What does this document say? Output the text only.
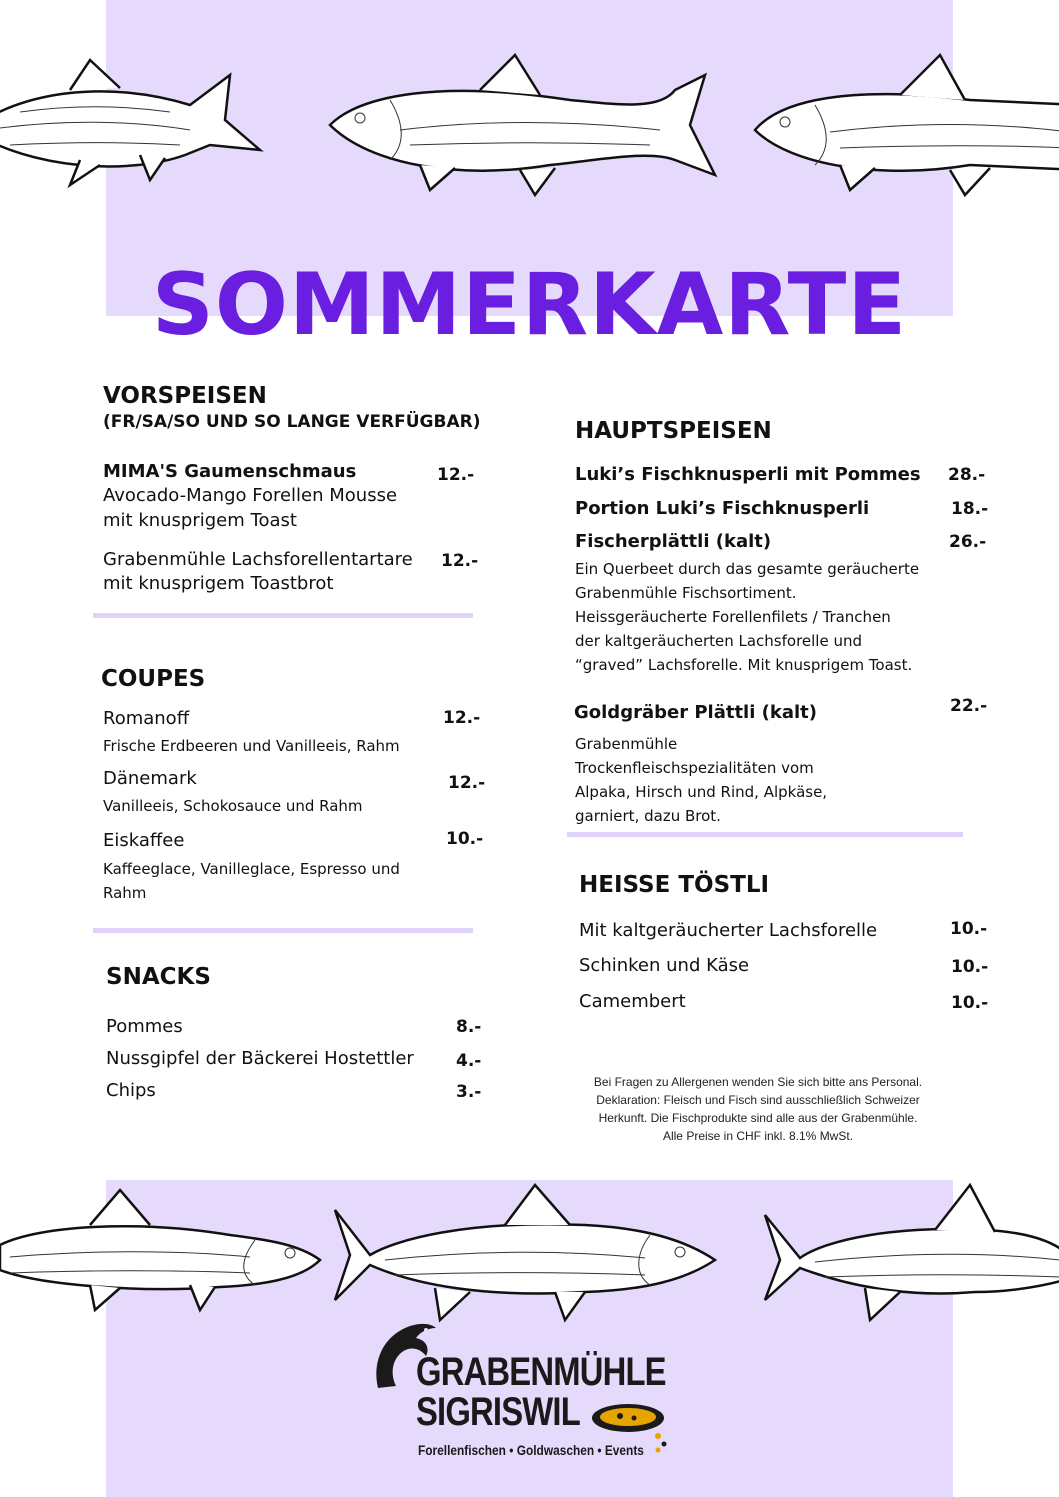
SOMMERKARTE
VORSPEISEN
(FR/SA/SO UND SO LANGE VERFÜGBAR)
MIMA'S Gaumenschmaus
Avocado-Mango Forellen Mousse
mit knusprigem Toast
12.-
Grabenmühle Lachsforellentartare
mit knusprigem Toastbrot
12.-
COUPES
Romanoff
Frische Erdbeeren und Vanilleeis, Rahm
12.-
Dänemark
Vanilleeis, Schokosauce und Rahm
12.-
Eiskaffee
Kaffeeglace, Vanilleglace, Espresso und Rahm
10.-
SNACKS
Pommes	8.-
Nussgipfel der Bäckerei Hostettler 4.-
Chips	3.-
HAUPTSPEISEN
Luki’s Fischknusperli mit Pommes 28.-
Portion Luki’s Fischknusperli	18.-
Fischerplättli (kalt)	26.-
Ein Querbeet durch das gesamte geräucherte Grabenmühle Fischsortiment. Heissgeräucherte Forellenfilets / Tranchen der kaltgeräucherten Lachsforelle und “graved” Lachsforelle. Mit knusprigem Toast.
Goldgräber Plättli (kalt)	22.-
Grabenmühle Trockenfleischspezialitäten vom Alpaka, Hirsch und Rind, Alpkäse, garniert, dazu Brot.
HEISSE TÖSTLI
Mit kaltgeräucherter Lachsforelle	10.-
Schinken und Käse	10.-
Camembert	10.-
Bei Fragen zu Allergenen wenden Sie sich bitte ans Personal.
Deklaration: Fleisch und Fisch sind ausschließlich Schweizer
Herkunft. Die Fischprodukte sind alle aus der Grabenmühle.
Alle Preise in CHF inkl. 8.1% MwSt.
GRABENMÜHLE
SIGRISWIL
Forellenfischen • Goldwaschen • Events
